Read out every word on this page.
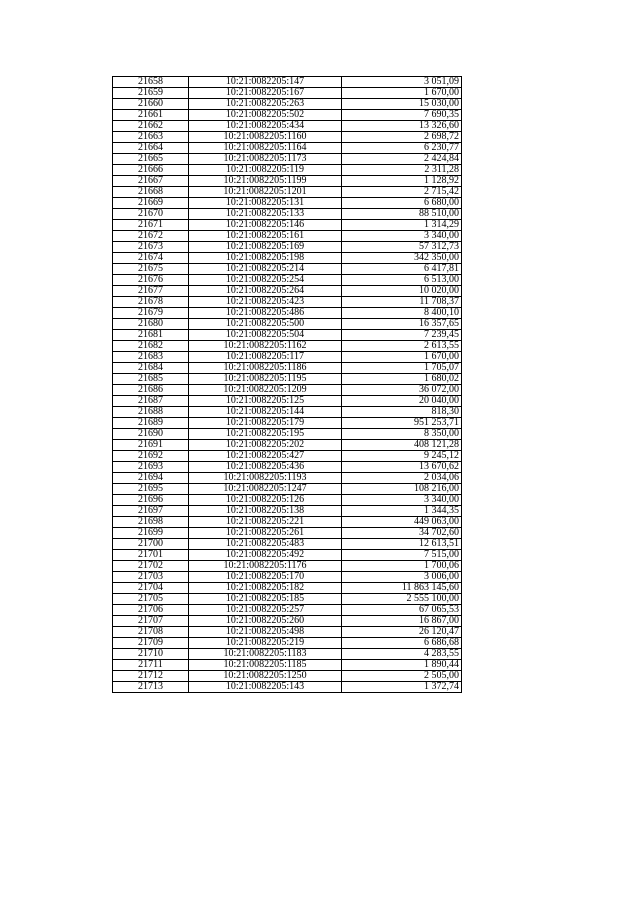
21658	10:21:0082205:147	3 051,09
21659	10:21:0082205:167	1 670,00
21660	10:21:0082205:263	15 030,00
21661	10:21:0082205:502	7 690,35
21662	10:21:0082205:434	13 326,60
21663	10:21:0082205:1160	2 698,72
21664	10:21:0082205:1164	6 230,77
21665	10:21:0082205:1173	2 424,84
21666	10:21:0082205:119	2 311,28
21667	10:21:0082205:1199	1 128,92
21668	10:21:0082205:1201	2 715,42
21669	10:21:0082205:131	6 680,00
21670	10:21:0082205:133	88 510,00
21671	10:21:0082205:146	1 314,29
21672	10:21:0082205:161	3 340,00
21673	10:21:0082205:169	57 312,73
21674	10:21:0082205:198	342 350,00
21675	10:21:0082205:214	6 417,81
21676	10:21:0082205:254	6 513,00
21677	10:21:0082205:264	10 020,00
21678	10:21:0082205:423	11 708,37
21679	10:21:0082205:486	8 400,10
21680	10:21:0082205:500	16 357,65
21681	10:21:0082205:504	7 239,45
21682	10:21:0082205:1162	2 613,55
21683	10:21:0082205:117	1 670,00
21684	10:21:0082205:1186	1 705,07
21685	10:21:0082205:1195	1 680,02
21686	10:21:0082205:1209	36 072,00
21687	10:21:0082205:125	20 040,00
21688	10:21:0082205:144	818,30
21689	10:21:0082205:179	951 253,71
21690	10:21:0082205:195	8 350,00
21691	10:21:0082205:202	408 121,28
21692	10:21:0082205:427	9 245,12
21693	10:21:0082205:436	13 670,62
21694	10:21:0082205:1193	2 034,06
21695	10:21:0082205:1247	108 216,00
21696	10:21:0082205:126	3 340,00
21697	10:21:0082205:138	1 344,35
21698	10:21:0082205:221	449 063,00
21699	10:21:0082205:261	34 702,60
21700	10:21:0082205:483	12 613,51
21701	10:21:0082205:492	7 515,00
21702	10:21:0082205:1176	1 700,06
21703	10:21:0082205:170	3 006,00
21704	10:21:0082205:182	11 863 145,60
21705	10:21:0082205:185	2 555 100,00
21706	10:21:0082205:257	67 065,53
21707	10:21:0082205:260	16 867,00
21708	10:21:0082205:498	26 120,47
21709	10:21:0082205:219	6 686,68
21710	10:21:0082205:1183	4 283,55
21711	10:21:0082205:1185	1 890,44
21712	10:21:0082205:1250	2 505,00
21713	10:21:0082205:143	1 372,74
